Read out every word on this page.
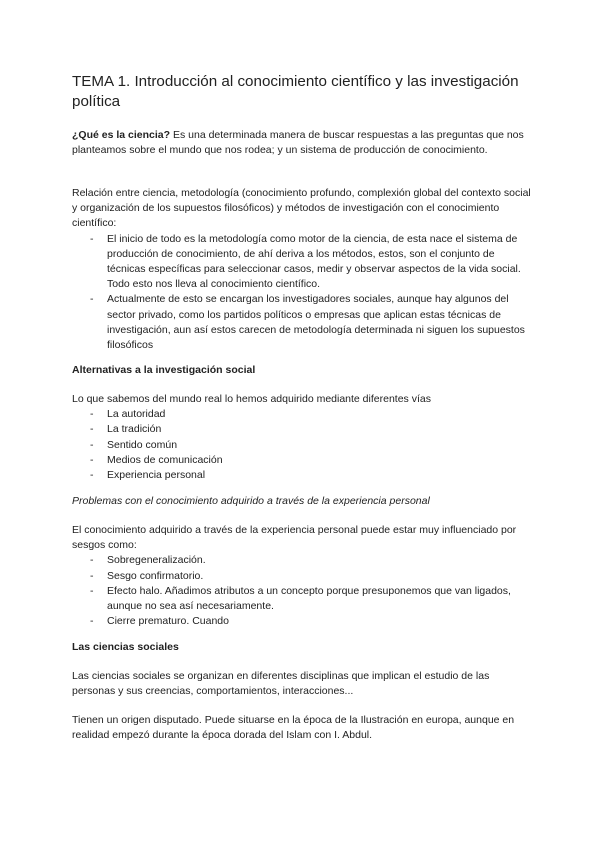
TEMA 1. Introducción al conocimiento científico y las investigación política

¿Qué es la ciencia? Es una determinada manera de buscar respuestas a las preguntas que nos planteamos sobre el mundo que nos rodea; y un sistema de producción de conocimiento.

Relación entre ciencia, metodología (conocimiento profundo, complexión global del contexto social y organización de los supuestos filosóficos) y métodos de investigación con el conocimiento científico:

- El inicio de todo es la metodología como motor de la ciencia, de esta nace el sistema de producción de conocimiento, de ahí deriva a los métodos, estos, son el conjunto de técnicas específicas para seleccionar casos, medir y observar aspectos de la vida social. Todo esto nos lleva al conocimiento científico.
- Actualmente de esto se encargan los investigadores sociales, aunque hay algunos del sector privado, como los partidos políticos o empresas que aplican estas técnicas de investigación, aun así estos carecen de metodología determinada ni siguen los supuestos filosóficos
Alternativas a la investigación social

Lo que sabemos del mundo real lo hemos adquirido mediante diferentes vías

- La autoridad
- La tradición
- Sentido común
- Medios de comunicación
- Experiencia personal
Problemas con el conocimiento adquirido a través de la experiencia personal

El conocimiento adquirido a través de la experiencia personal puede estar muy influenciado por sesgos como:

- Sobregeneralización.
- Sesgo confirmatorio.
- Efecto halo. Añadimos atributos a un concepto porque presuponemos que van ligados, aunque no sea así necesariamente.
- Cierre prematuro. Cuando
Las ciencias sociales
Las ciencias sociales se organizan en diferentes disciplinas que implican el estudio de las personas y sus creencias, comportamientos, interacciones...
Tienen un origen disputado. Puede situarse en la época de la Ilustración en europa, aunque en realidad empezó durante la época dorada del Islam con I. Abdul.
